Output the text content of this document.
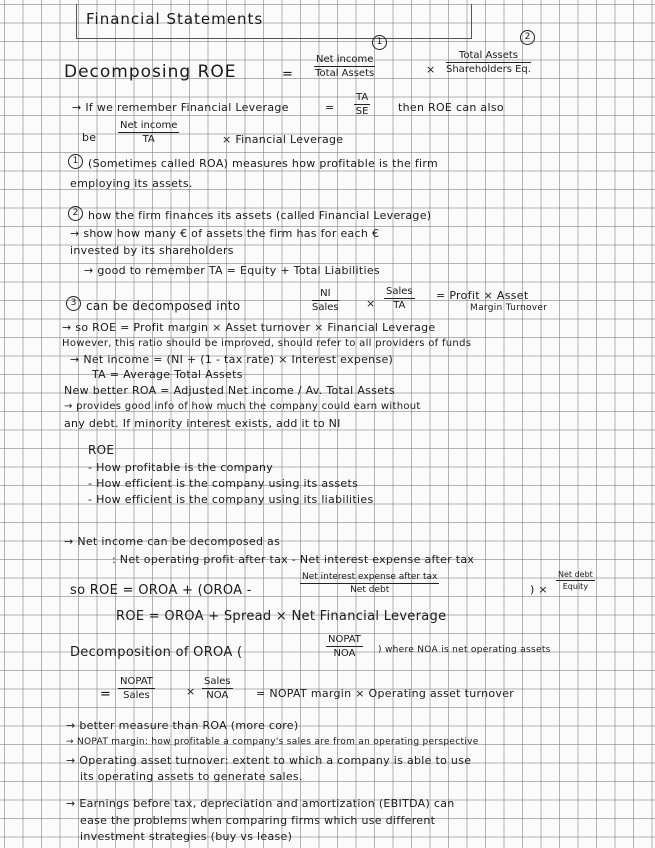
Financial Statements
1	2
Decomposing ROE	=
Net income
Total Assets	×
Total Assets
Shareholders Eq.
→ If we remember Financial Leverage	= $\frac{TA}{SE}$	then ROE can also
be
Net income
TA	× Financial Leverage
1 (Sometimes called ROA) measures how profitable is the firm
employing its assets.
2 how the firm finances its assets (called Financial Leverage)
→ show how many € of assets the firm has for each €
invested by its shareholders
→ good to remember TA = Equity + Total Liabilities
3 can be decomposed into
NI
Sales ×
Sales
TA
= Profit × Asset
Margin Turnover
→ so ROE = Profit margin × Asset turnover × Financial Leverage
However, this ratio should be improved, should refer to all providers of funds
→ Net income = (NI + (1 - tax rate) × Interest expense)
TA = Average Total Assets
New better ROA = Adjusted Net income / Av. Total Assets
→ provides good info of how much the company could earn without
any debt. If minority interest exists, add it to NI
ROE
- How profitable is the company
- How efficient is the company using its assets
- How efficient is the company using its liabilities
→ Net income can be decomposed as
: Net operating profit after tax - Net interest expense after tax
so ROE = OROA + (OROA -
Net interest expense after tax
Net debt	) ×
Net debt
Equity
ROE = OROA + Spread × Net Financial Leverage
Decomposition of OROA (
NOPAT
NOA	) where NOA is net operating assets
=
NOPAT
Sales	×
Sales
NOA	= NOPAT margin × Operating asset turnover
→ better measure than ROA (more core)
→ NOPAT margin: how profitable a company's sales are from an operating perspective
→ Operating asset turnover: extent to which a company is able to use
its operating assets to generate sales.
→ Earnings before tax, depreciation and amortization (EBITDA) can
ease the problems when comparing firms which use different
investment strategies (buy vs lease)
